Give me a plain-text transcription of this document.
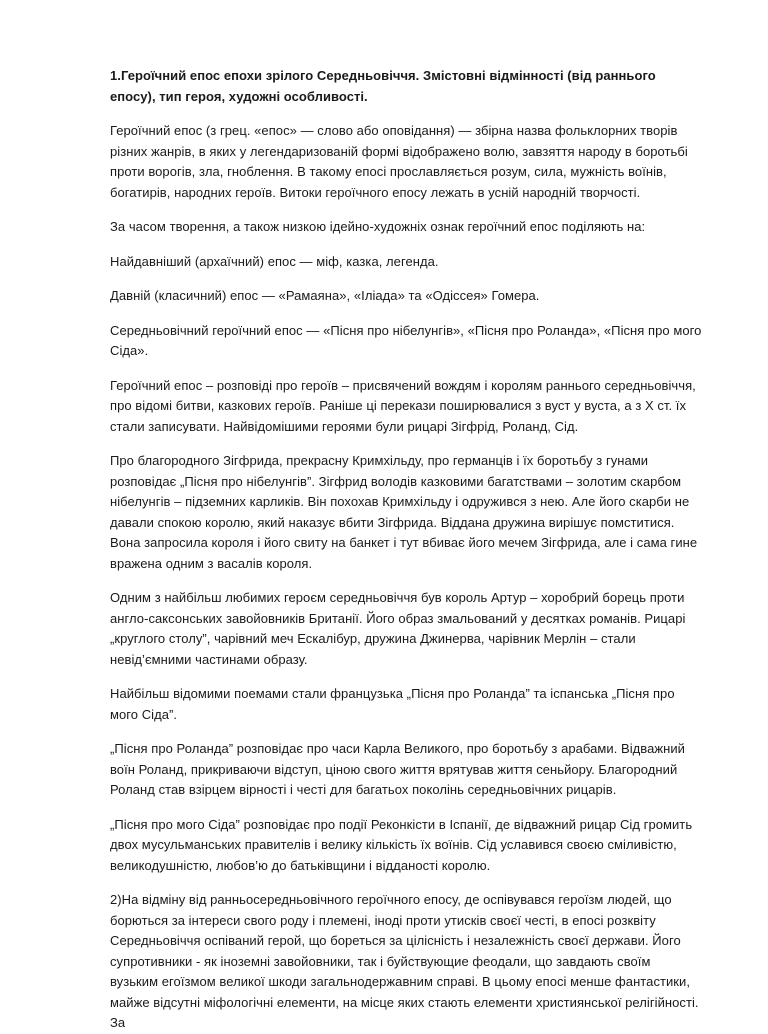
1.Героїчний епос епохи зрілого Середньовіччя. Змістовні відмінності (від раннього епосу), тип героя, художні особливості.

Героїчний епос (з грец. «епос» — слово або оповідання) — збірна назва фольклорних творів різних жанрів, в яких у легендаризованій формі відображено волю, завзяття народу в боротьбі проти ворогів, зла, гноблення. В такому епосі прославляється розум, сила, мужність воїнів, богатирів, народних героїв. Витоки героїчного епосу лежать в усній народній творчості.

За часом творення, а також низкою ідейно-художніх ознак героїчний епос поділяють на:

Найдавніший (архаїчний) епос — міф, казка, легенда.

Давній (класичний) епос — «Рамаяна», «Іліада» та «Одіссея» Гомера.

Середньовічний героїчний епос — «Пісня про нібелунгів», «Пісня про Роланда», «Пісня про мого Сіда».

Героїчний епос – розповіді про героїв – присвячений вождям і королям раннього середньовіччя, про відомі битви, казкових героїв. Раніше ці перекази поширювалися з вуст у вуста, а з Х ст. їх стали записувати. Найвідомішими героями були рицарі Зігфрід, Роланд, Сід.

Про благородного Зігфрида, прекрасну Кримхільду, про германців і їх боротьбу з гунами розповідає „Пісня про нібелунгів”. Зігфрид володів казковими багатствами – золотим скарбом нібелунгів – підземних карликів. Він похохав Кримхільду і одружився з нею. Але його скарби не давали спокою королю, який наказує вбити Зігфрида. Віддана дружина вирішує помститися. Вона запросила короля і його свиту на банкет і тут вбиває його мечем Зігфрида, але і сама гине вражена одним з васалів короля.

Одним з найбільш любимих героєм середньовіччя був король Артур – хоробрий борець проти англо-саксонських завойовників Британії. Його образ змальований у десятках романів. Рицарі „круглого столу”, чарівний меч Ескалібур, дружина Джинерва, чарівник Мерлін – стали невід’ємними частинами образу.

Найбільш відомими поемами стали французька „Пісня про Роланда” та іспанська „Пісня про мого Сіда”.

„Пісня про Роланда” розповідає про часи Карла Великого, про боротьбу з арабами. Відважний воїн Роланд, прикриваючи відступ, ціною свого життя врятував життя сеньйору. Благородний Роланд став взірцем вірності і честі для багатьох поколінь середньовічних рицарів.

„Пісня про мого Сіда” розповідає про події Реконкісти в Іспанії, де відважний рицар Сід громить двох мусульманських правителів і велику кількість їх воїнів. Сід уславився своєю сміливістю, великодушністю, любов’ю до батьківщини і відданості королю.

2)На відміну від ранньосередньовічного героїчного епосу, де оспівувався героїзм людей, що борються за інтереси свого роду і племені, іноді проти утисків своєї честі, в епосі розквіту Середньовіччя оспіваний герой, що бореться за цілісність і незалежність своєї держави. Його супротивники - як іноземні завойовники, так і буйствующие феодали, що завдають своїм вузьким егоїзмом великої шкоди загальнодержавним справі. В цьому епосі менше фантастики, майже відсутні міфологічні елементи, на місце яких стають елементи християнської релігійності. За
